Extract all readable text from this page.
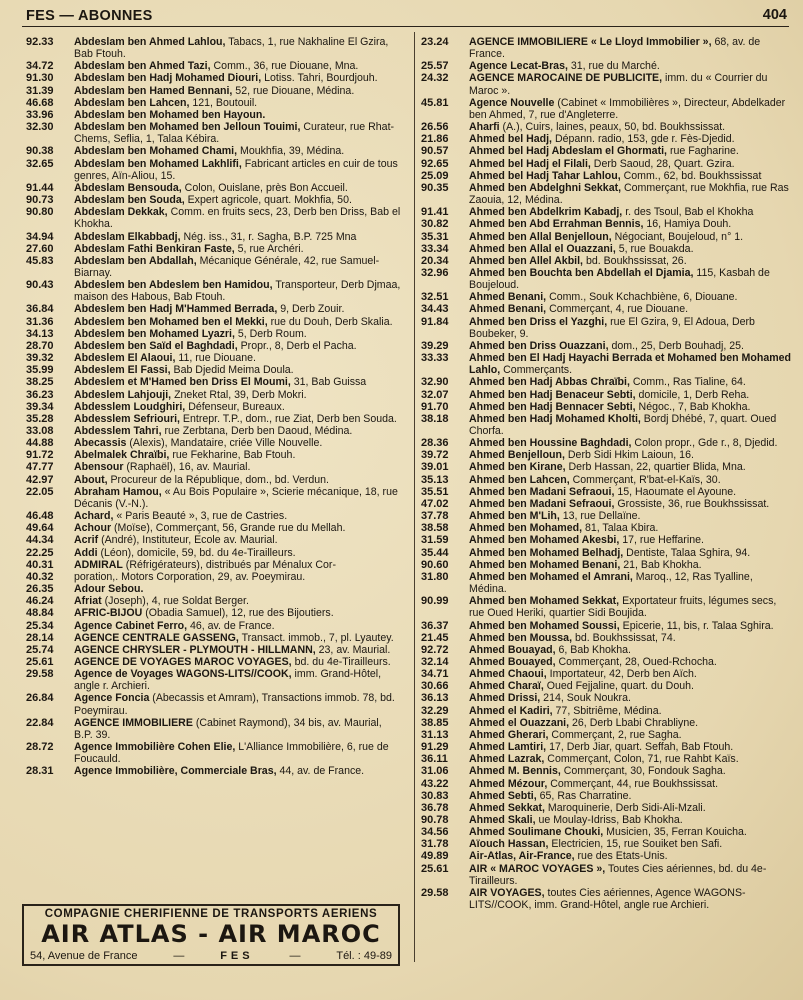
FES — ABONNES	404
92.33	Abdeslam ben Ahmed Lahlou, Tabacs, 1, rue Nakhaline El Gzira, Bab Ftouh.
34.72	Abdeslam ben Ahmed Tazi, Comm., 36, rue Diouane, Mna.
91.30	Abdeslam ben Hadj Mohamed Diouri, Lotiss. Tahri, Bourdjouh.
31.39	Abdeslam ben Hamed Bennani, 52, rue Diouane, Médina.
46.68	Abdeslam ben Lahcen, 121, Boutouil.
33.96	Abdeslam ben Mohamed ben Hayoun.
32.30	Abdeslam ben Mohamed ben Jelloun Touimi, Curateur, rue Rhat-Chems, Seflia, 1, Talaa Kébira.
90.38	Abdeslam ben Mohamed Chami, Moukhfia, 39, Médina.
32.65	Abdeslam ben Mohamed Lakhlifi, Fabricant articles en cuir de tous genres, Aïn-Aliou, 15.
91.44	Abdeslam Bensouda, Colon, Ouislane, près Bon Accueil.
90.73	Abdeslam ben Souda, Expert agricole, quart. Mokhfia, 50.
90.80	Abdeslam Dekkak, Comm. en fruits secs, 23, Derb ben Driss, Bab el Khokha.
34.94	Abdeslam Elkabbadj, Nég. iss., 31, r. Sagha, B.P. 725 Mna
27.60	Abdeslam Fathi Benkiran Faste, 5, rue Archéri.
45.83	Abdeslam ben Abdallah, Mécanique Générale, 42, rue Samuel-Biarnay.
90.43	Abdeslem ben Abdeslem ben Hamidou, Transporteur, Derb Djmaa, maison des Habous, Bab Ftouh.
36.84	Abdeslem ben Hadj M'Hammed Berrada, 9, Derb Zouir.
31.36	Abdeslem ben Mohamed ben el Mekki, rue du Douh, Derb Skalia.
34.13	Abdeslem ben Mohamed Lyazri, 5, Derb Roum.
28.70	Abdeslem ben Saïd el Baghdadi, Propr., 8, Derb el Pacha.
39.32	Abdeslem El Alaoui, 11, rue Diouane.
35.99	Abdeslem El Fassi, Bab Djedid Meima Doula.
38.25	Abdeslem et M'Hamed ben Driss El Moumi, 31, Bab Guissa
36.23	Abdeslem Lahjouji, Zneket Rtal, 39, Derb Mokri.
39.34	Abdesslem Loudghiri, Défenseur, Bureaux.
35.28	Abdesslem Sefriouri, Entrepr. T.P., dom., rue Ziat, Derb ben Souda.
33.08	Abdesslem Tahri, rue Zerbtana, Derb ben Daoud, Médina.
44.88	Abecassis (Alexis), Mandataire, criée Ville Nouvelle.
91.72	Abelmalek Chraïbi, rue Fekharine, Bab Ftouh.
47.77	Abensour (Raphaël), 16, av. Maurial.
42.97	About, Procureur de la République, dom., bd. Verdun.
22.05	Abraham Hamou, « Au Bois Populaire », Scierie mécanique, 18, rue Décanis (V.-N.).
46.48	Achard, « Paris Beauté », 3, rue de Castries.
49.64	Achour (Moïse), Commerçant, 56, Grande rue du Mellah.
44.34	Acrif (André), Instituteur, Ecole av. Maurial.
22.25	Addi (Léon), domicile, 59, bd. du 4e-Tirailleurs.
40.31	ADMIRAL (Réfrigérateurs), distribués par Ménalux Cor-
40.32	poration,. Motors Corporation, 29, av. Poeymirau.
26.35	Adour Sebou.
46.24	Afriat (Joseph), 4, rue Soldat Berger.
48.84	AFRIC-BIJOU (Obadia Samuel), 12, rue des Bijoutiers.
25.34	Agence Cabinet Ferro, 46, av. de France.
28.14	AGENCE CENTRALE GASSENG, Transact. immob., 7, pl. Lyautey.
25.74	AGENCE CHRYSLER - PLYMOUTH - HILLMANN, 23, av. Maurial.
25.61	AGENCE DE VOYAGES MAROC VOYAGES, bd. du 4e-Tirailleurs.
29.58	Agence de Voyages WAGONS-LITS//COOK, imm. Grand-Hôtel, angle r. Archieri.
26.84	Agence Foncia (Abecassis et Amram), Transactions immob. 78, bd. Poeymirau.
22.84	AGENCE IMMOBILIERE (Cabinet Raymond), 34 bis, av. Maurial, B.P. 39.
28.72	Agence Immobilière Cohen Elie, L'Alliance Immobilière, 6, rue de Foucauld.
28.31	Agence Immobilière, Commerciale Bras, 44, av. de France.
23.24	AGENCE IMMOBILIERE « Le Lloyd Immobilier », 68, av. de France.
25.57	Agence Lecat-Bras, 31, rue du Marché.
24.32	AGENCE MAROCAINE DE PUBLICITE, imm. du « Courrier du Maroc ».
45.81	Agence Nouvelle (Cabinet « Immobilières », Directeur, Abdelkader ben Ahmed, 7, rue d'Angleterre.
26.56	Aharfi (A.), Cuirs, laines, peaux, 50, bd. Boukhssissat.
21.86	Ahmed bel Hadj, Dépann. radio, 153, gde r. Fès-Djedid.
90.57	Ahmed bel Hadj Abdeslam el Ghormati, rue Fagharine.
92.65	Ahmed bel Hadj el Filali, Derb Saoud, 28, Quart. Gzira.
25.09	Ahmed bel Hadj Tahar Lahlou, Comm., 62, bd. Boukhssissat
90.35	Ahmed ben Abdelghni Sekkat, Commerçant, rue Mokhfia, rue Ras Zaouia, 12, Médina.
91.41	Ahmed ben Abdelkrim Kabadj, r. des Tsoul, Bab el Khokha
30.82	Ahmed ben Abd Errahman Bennis, 16, Hamiya Douh.
35.31	Ahmed ben Allal Benjelloun, Négociant, Boujeloud, n° 1.
33.34	Ahmed ben Allal el Ouazzani, 5, rue Bouakda.
20.34	Ahmed ben Allel Akbil, bd. Boukhssissat, 26.
32.96	Ahmed ben Bouchta ben Abdellah el Djamia, 115, Kasbah de Boujeloud.
32.51	Ahmed Benani, Comm., Souk Kchachbiène, 6, Diouane.
34.43	Ahmed Benani, Commerçant, 4, rue Diouane.
91.84	Ahmed ben Driss el Yazghi, rue El Gzira, 9, El Adoua, Derb Boubeker, 9.
39.29	Ahmed ben Driss Ouazzani, dom., 25, Derb Bouhadj, 25.
33.33	Ahmed ben El Hadj Hayachi Berrada et Mohamed ben Mohamed Lahlo, Commerçants.
32.90	Ahmed ben Hadj Abbas Chraïbi, Comm., Ras Tialine, 64.
32.07	Ahmed ben Hadj Benaceur Sebti, domicile, 1, Derb Reha.
91.70	Ahmed ben Hadj Bennacer Sebti, Négoc., 7, Bab Khokha.
38.18	Ahmed ben Hadj Mohamed Kholti, Bordj Dhébé, 7, quart. Oued Chorfa.
28.36	Ahmed ben Houssine Baghdadi, Colon propr., Gde r., 8, Djedid.
39.72	Ahmed Benjelloun, Derb Sidi Hkim Laioun, 16.
39.01	Ahmed ben Kirane, Derb Hassan, 22, quartier Blida, Mna.
35.13	Ahmed ben Lahcen, Commerçant, R'bat-el-Kaïs, 30.
35.51	Ahmed ben Madani Sefraoui, 15, Haoumate el Ayoune.
47.02	Ahmed ben Madani Sefraoui, Grossiste, 36, rue Boukhssissat.
37.78	Ahmed ben M'Lih, 13, rue Dellaïne.
38.58	Ahmed ben Mohamed, 81, Talaa Kbira.
31.59	Ahmed ben Mohamed Akesbi, 17, rue Heffarine.
35.44	Ahmed ben Mohamed Belhadj, Dentiste, Talaa Sghira, 94.
90.60	Ahmed ben Mohamed Benani, 21, Bab Khokha.
31.80	Ahmed ben Mohamed el Amrani, Maroq., 12, Ras Tyalline, Médina.
90.99	Ahmed ben Mohamed Sekkat, Exportateur fruits, légumes secs, rue Oued Heriki, quartier Sidi Boujida.
36.37	Ahmed ben Mohamed Soussi, Epicerie, 11, bis, r. Talaa Sghira.
21.45	Ahmed ben Moussa, bd. Boukhssissat, 74.
92.72	Ahmed Bouayad, 6, Bab Khokha.
32.14	Ahmed Bouayed, Commerçant, 28, Oued-Rchocha.
34.71	Ahmed Chaoui, Importateur, 42, Derb ben Aïch.
30.66	Ahmed Charaï, Oued Fejjaline, quart. du Douh.
36.13	Ahmed Drissi, 214, Souk Noukra.
32.29	Ahmed el Kadiri, 77, Sbitriême, Médina.
38.85	Ahmed el Ouazzani, 26, Derb Lbabi Chrabliyne.
31.13	Ahmed Gherari, Commerçant, 2, rue Sagha.
91.29	Ahmed Lamtiri, 17, Derb Jiar, quart. Seffah, Bab Ftouh.
36.11	Ahmed Lazrak, Commerçant, Colon, 71, rue Rahbt Kaïs.
31.06	Ahmed M. Bennis, Commerçant, 30, Fondouk Sagha.
43.22	Ahmed Mézour, Commerçant, 44, rue Boukhssissat.
30.83	Ahmed Sebti, 65, Ras Charratine.
36.78	Ahmed Sekkat, Maroquinerie, Derb Sidi-Ali-Mzali.
90.78	Ahmed Skali, ue Moulay-Idriss, Bab Khokha.
34.56	Ahmed Soulimane Chouki, Musicien, 35, Ferran Kouicha.
31.78	Aïouch Hassan, Electricien, 15, rue Souiket ben Safi.
49.89	Air-Atlas, Air-France, rue des Etats-Unis.
25.61	AIR « MAROC VOYAGES », Toutes Cies aériennes, bd. du 4e-Tirailleurs.
29.58	AIR VOYAGES, toutes Cies aériennes, Agence WAGONS-LITS//COOK, imm. Grand-Hôtel, angle rue Archieri.
COMPAGNIE CHERIFIENNE DE TRANSPORTS AERIENS
AIR ATLAS - AIR MAROC
54, Avenue de France	—	FES	—	Tél. : 49-89
